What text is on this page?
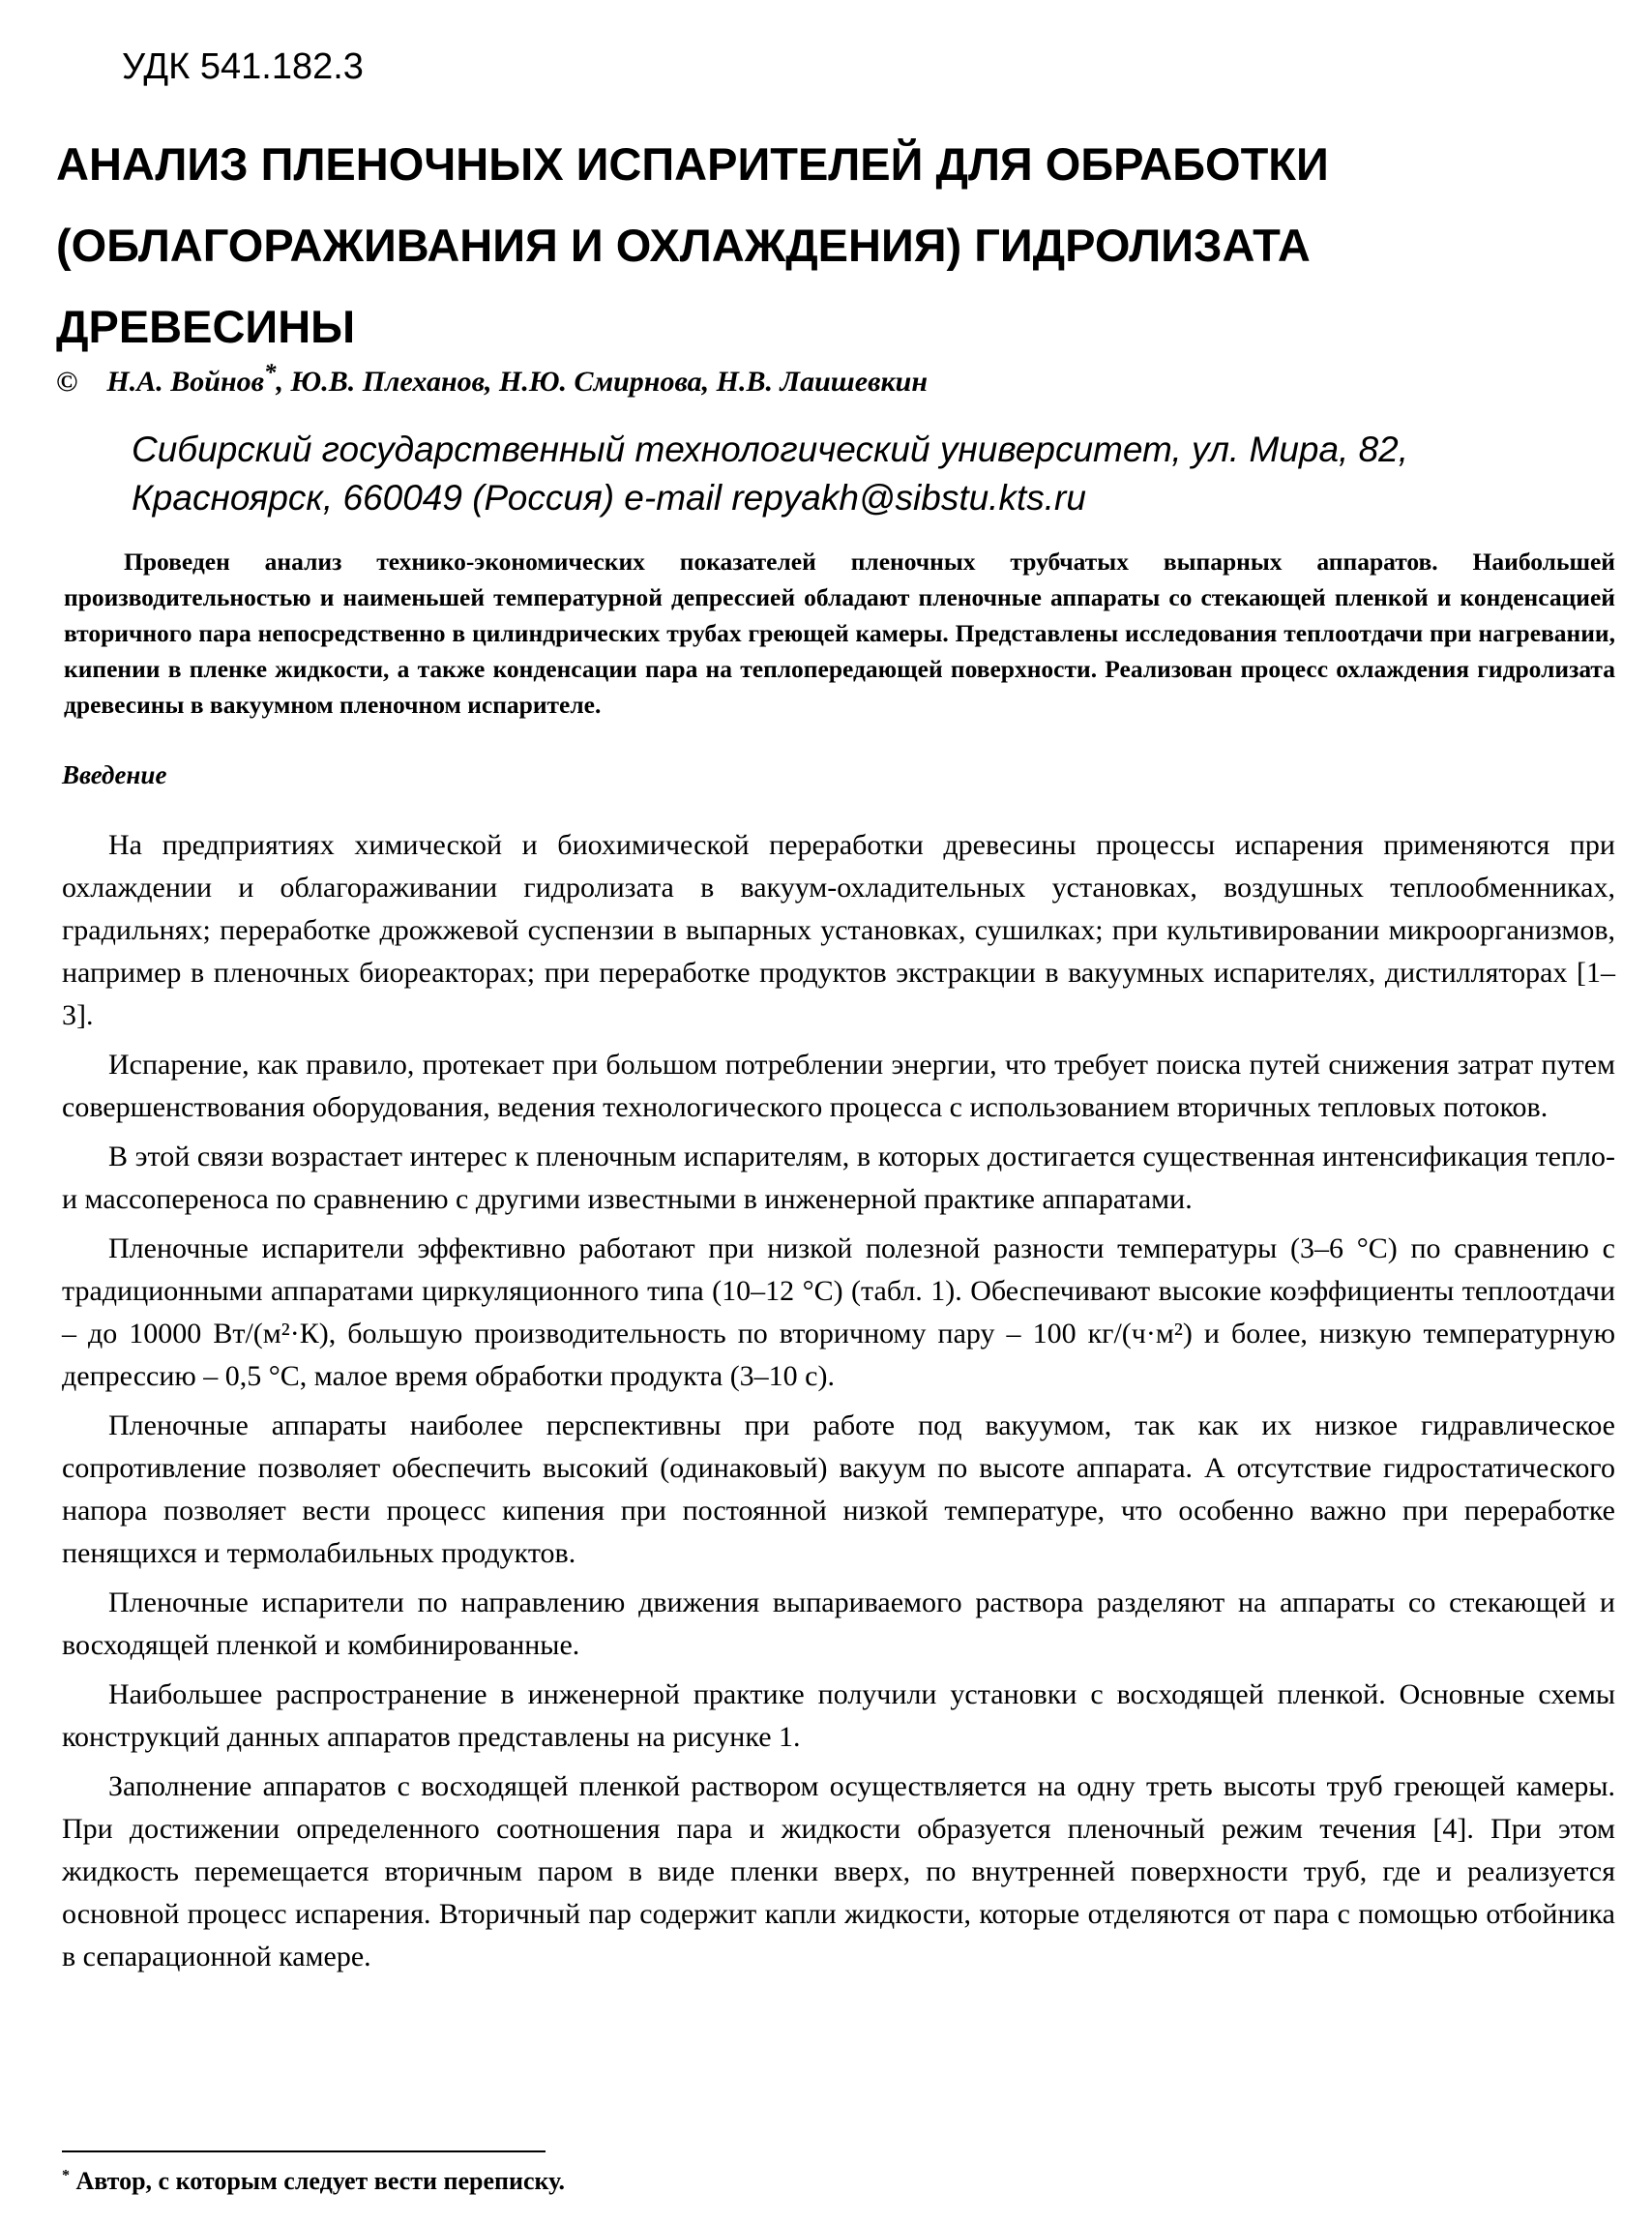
УДК 541.182.3
АНАЛИЗ ПЛЕНОЧНЫХ ИСПАРИТЕЛЕЙ ДЛЯ ОБРАБОТКИ
(ОБЛАГОРАЖИВАНИЯ И ОХЛАЖДЕНИЯ) ГИДРОЛИЗАТА ДРЕВЕСИНЫ
© Н.А. Войнов*, Ю.В. Плеханов, Н.Ю. Смирнова, Н.В. Лаишевкин
Сибирский государственный технологический университет, ул. Мира, 82,
Красноярск, 660049 (Россия) e-mail repyakh@sibstu.kts.ru

Проведен анализ технико-экономических показателей пленочных трубчатых выпарных аппаратов. Наибольшей производительностью и наименьшей температурной депрессией обладают пленочные аппараты со стекающей пленкой и конденсацией вторичного пара непосредственно в цилиндрических трубах греющей камеры. Представлены исследования теплоотдачи при нагревании, кипении в пленке жидкости, а также конденсации пара на теплопередающей поверхности. Реализован процесс охлаждения гидролизата древесины в вакуумном пленочном испарителе.

Введение

На предприятиях химической и биохимической переработки древесины процессы испарения применяются при охлаждении и облагораживании гидролизата в вакуум-охладительных установках, воздушных теплообменниках, градильнях; переработке дрожжевой суспензии в выпарных установках, сушилках; при культивировании микроорганизмов, например в пленочных биореакторах; при переработке продуктов экстракции в вакуумных испарителях, дистилляторах [1–3].

Испарение, как правило, протекает при большом потреблении энергии, что требует поиска путей снижения затрат путем совершенствования оборудования, ведения технологического процесса с использованием вторичных тепловых потоков.

В этой связи возрастает интерес к пленочным испарителям, в которых достигается существенная интенсификация тепло- и массопереноса по сравнению с другими известными в инженерной практике аппаратами.

Пленочные испарители эффективно работают при низкой полезной разности температуры (3–6 °С) по сравнению с традиционными аппаратами циркуляционного типа (10–12 °С) (табл. 1). Обеспечивают высокие коэффициенты теплоотдачи – до 10000 Вт/(м²·К), большую производительность по вторичному пару – 100 кг/(ч·м²) и более, низкую температурную депрессию – 0,5 °С, малое время обработки продукта (3–10 с).

Пленочные аппараты наиболее перспективны при работе под вакуумом, так как их низкое гидравлическое сопротивление позволяет обеспечить высокий (одинаковый) вакуум по высоте аппарата. А отсутствие гидростатического напора позволяет вести процесс кипения при постоянной низкой температуре, что особенно важно при переработке пенящихся и термолабильных продуктов.

Пленочные испарители по направлению движения выпариваемого раствора разделяют на аппараты со стекающей и восходящей пленкой и комбинированные.

Наибольшее распространение в инженерной практике получили установки с восходящей пленкой. Основные схемы конструкций данных аппаратов представлены на рисунке 1.

Заполнение аппаратов с восходящей пленкой раствором осуществляется на одну треть высоты труб греющей камеры. При достижении определенного соотношения пара и жидкости образуется пленочный режим течения [4]. При этом жидкость перемещается вторичным паром в виде пленки вверх, по внутренней поверхности труб, где и реализуется основной процесс испарения. Вторичный пар содержит капли жидкости, которые отделяются от пара с помощью отбойника в сепарационной камере.

* Автор, с которым следует вести переписку.
